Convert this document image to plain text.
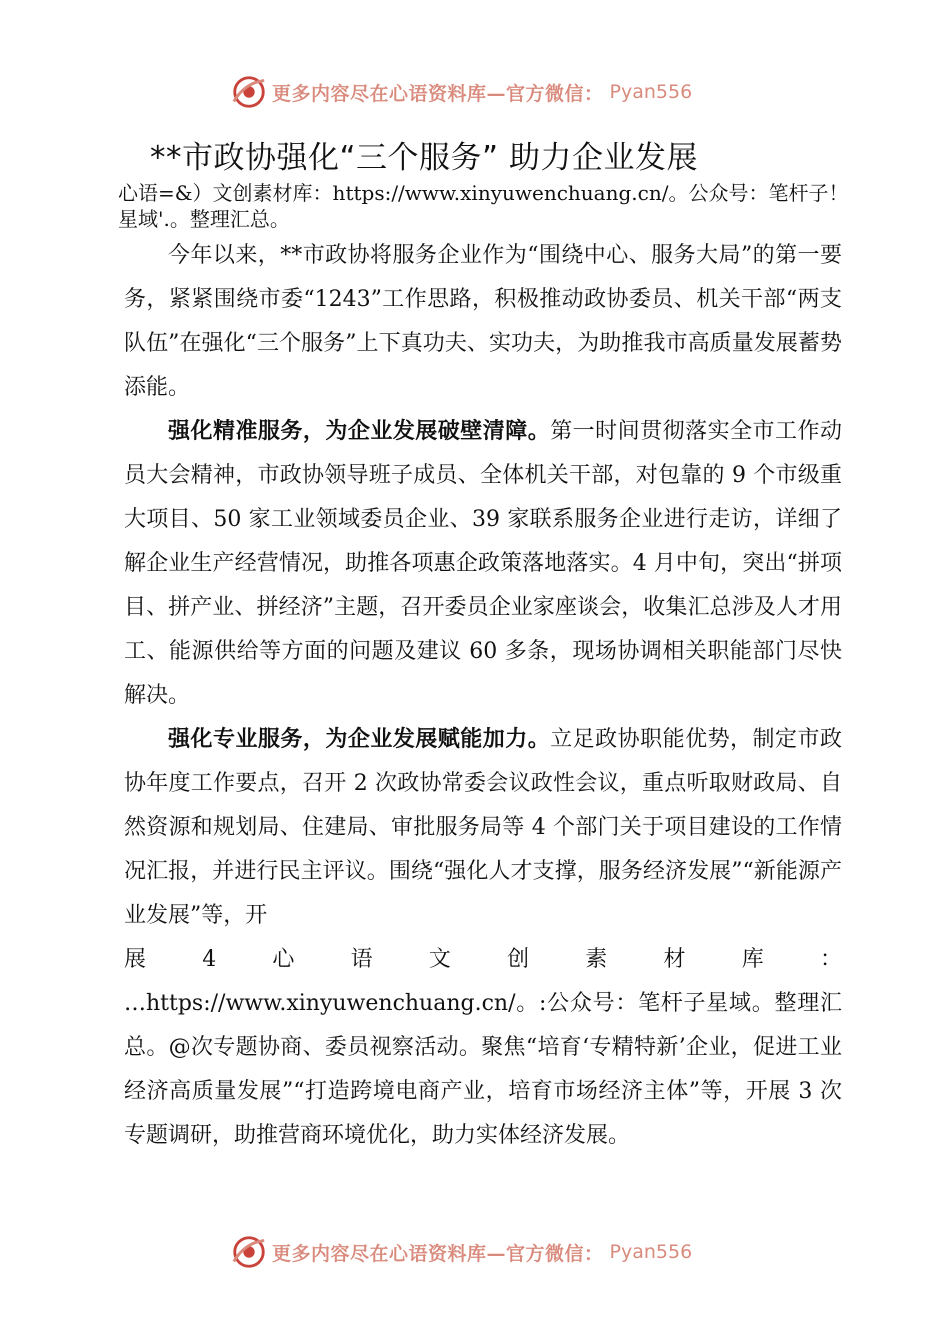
更多内容尽在心语资料库—官方微信： Pyan556
**市政协强化“三个服务” 助力企业发展
心语=&）文创素材库：https://www.xinyuwenchuang.cn/。公众号：笔杆子！星域'.。整理汇总。

今年以来，**市政协将服务企业作为“围绕中心、服务大局”的第一要务，紧紧围绕市委“1243”工作思路，积极推动政协委员、机关干部“两支队伍”在强化“三个服务”上下真功夫、实功夫，为助推我市高质量发展蓄势添能。

强化精准服务，为企业发展破壁清障。第一时间贯彻落实全市工作动员大会精神，市政协领导班子成员、全体机关干部，对包靠的 9 个市级重大项目、50 家工业领域委员企业、39 家联系服务企业进行走访，详细了解企业生产经营情况，助推各项惠企政策落地落实。4 月中旬，突出“拼项目、拼产业、拼经济”主题，召开委员企业家座谈会，收集汇总涉及人才用工、能源供给等方面的问题及建议 60 多条，现场协调相关职能部门尽快解决。

强化专业服务，为企业发展赋能加力。立足政协职能优势，制定市政协年度工作要点，召开 2 次政协常委会议政性会议，重点听取财政局、自然资源和规划局、住建局、审批服务局等 4 个部门关于项目建设的工作情况汇报，并进行民主评议。围绕“强化人才支撑，服务经济发展”“新能源产业发展”等，开

展	4	心	语	文	创	素	材	库	：
…https://www.xinyuwenchuang.cn/。:公众号：笔杆子星域。整理汇总。@次专题协商、委员视察活动。聚焦“培育‘专精特新’企业，促进工业经济高质量发展”“打造跨境电商产业，培育市场经济主体”等，开展 3 次专题调研，助推营商环境优化，助力实体经济发展。
更多内容尽在心语资料库—官方微信： Pyan556
